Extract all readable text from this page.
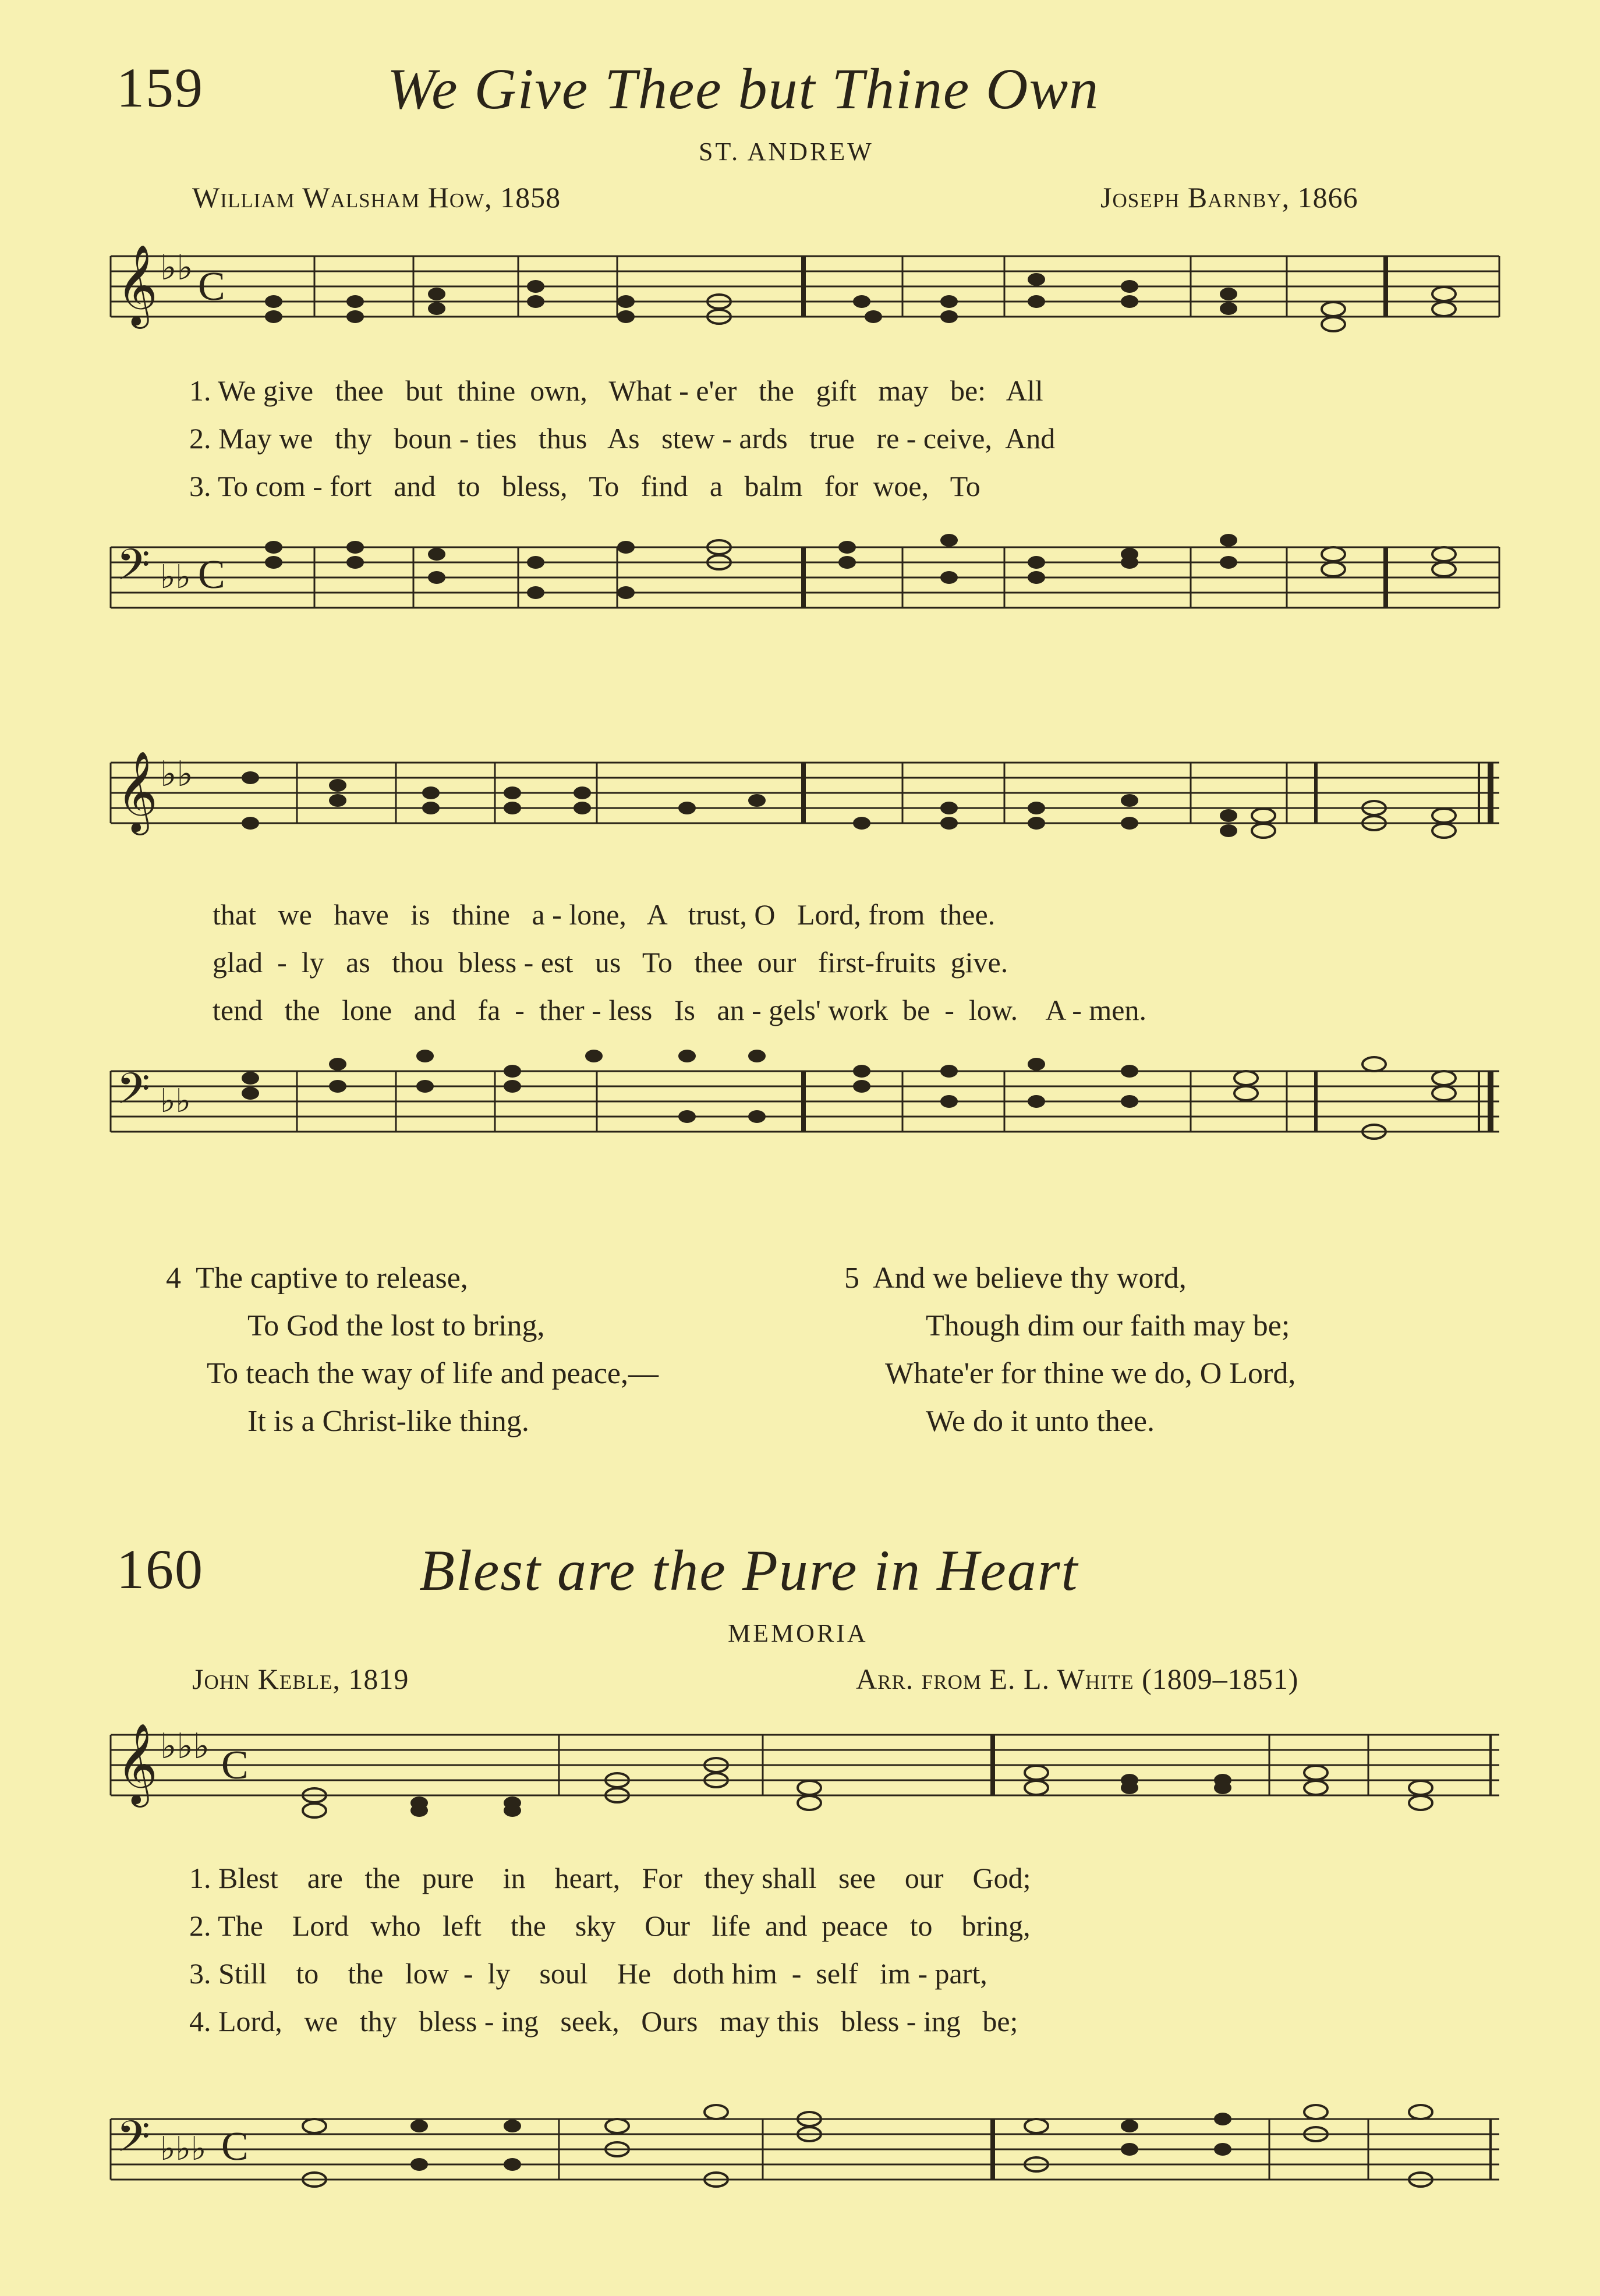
159	We Give Thee but Thine Own
ST. ANDREW
William Walsham How, 1858	Joseph Barnby, 1866
𝄞 ♭♭ C
1. We give   thee   but  thine  own,   What - e'er   the   gift   may   be:   All
2. May we   thy   boun - ties   thus   As   stew - ards   true   re - ceive,  And
3. To com - fort   and   to   bless,   To   find   a   balm   for  woe,   To
𝄢 ♭♭ C
𝄞 ♭♭
that   we   have   is   thine   a - lone,   A   trust, O   Lord, from  thee.
glad  -  ly   as   thou  bless - est   us   To   thee  our   first-fruits  give.
tend   the   lone   and   fa  -  ther - less   Is   an - gels' work  be  -  low.    A - men.
𝄢 ♭♭
4 The captive to release,
To God the lost to bring,
To teach the way of life and peace,—
It is a Christ-like thing.
5 And we believe thy word,
Though dim our faith may be;
Whate'er for thine we do, O Lord,
We do it unto thee.
160	Blest are the Pure in Heart
MEMORIA
John Keble, 1819	Arr. from E. L. White (1809–1851)
𝄞 ♭♭♭ C
1. Blest    are   the   pure    in    heart,   For   they shall   see    our    God;
2. The    Lord   who   left    the    sky    Our   life  and  peace   to    bring,
3. Still    to    the   low  -  ly    soul    He   doth him  -  self   im - part,
4. Lord,   we   thy   bless - ing   seek,   Ours   may this   bless - ing   be;
𝄢 ♭♭♭ C
